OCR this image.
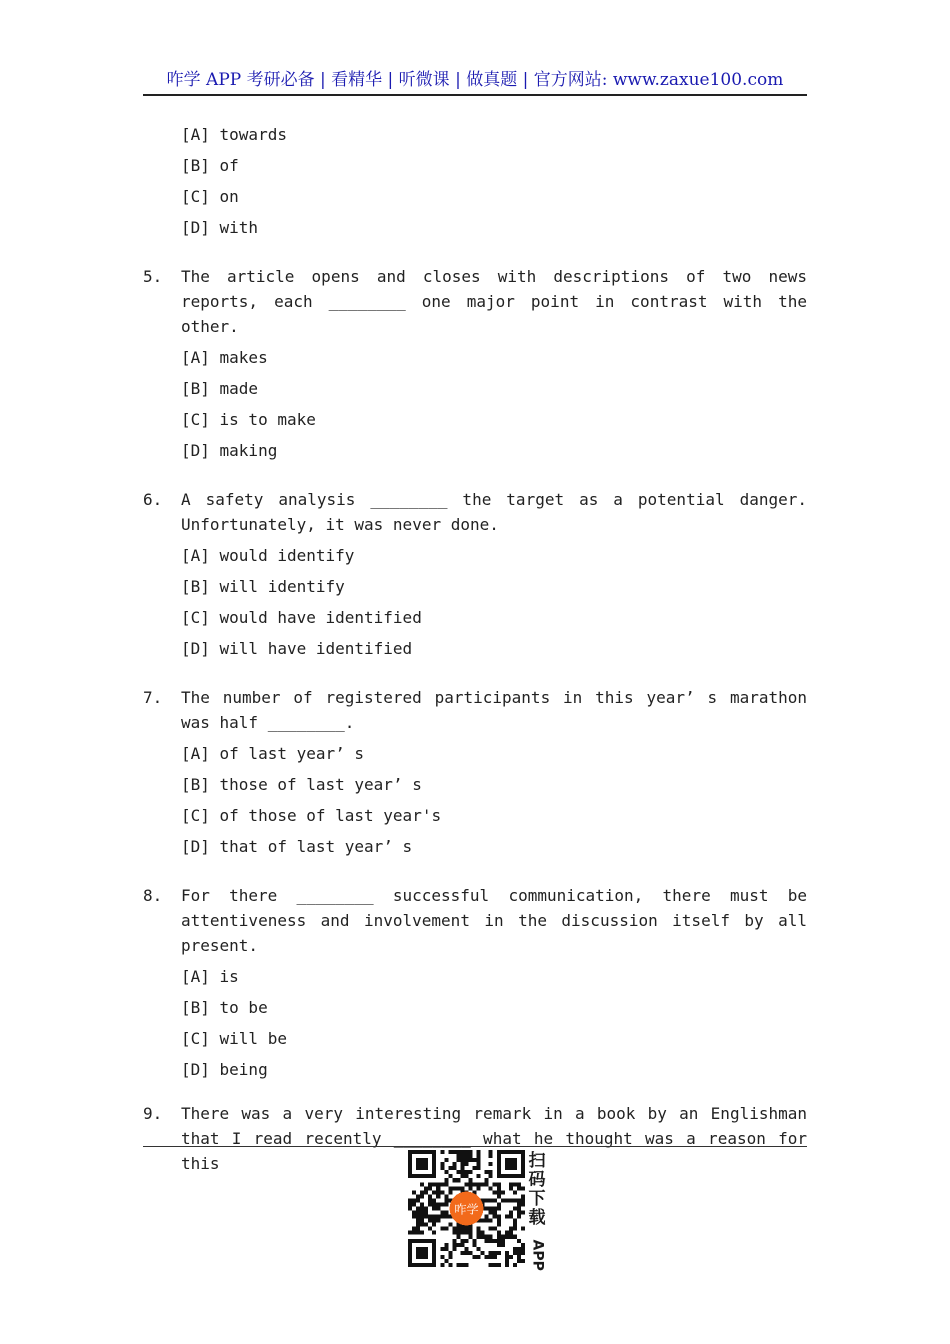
咋学 APP 考研必备 | 看精华 | 听微课 | 做真题 | 官方网站: www.zaxue100.com
[A] towards
[B] of
[C] on
[D] with
5. The article opens and closes with descriptions of two news reports, each ________ one major point in contrast with the other.
[A] makes
[B] made
[C] is to make
[D] making
6. A safety analysis ________ the target as a potential danger. Unfortunately, it was never done.
[A] would identify
[B] will identify
[C] would have identified
[D] will have identified
7. The number of registered participants in this year’ s marathon was half ________.
[A] of last year’ s
[B] those of last year’ s
[C] of those of last year's
[D] that of last year’ s
8. For there ________ successful communication, there must be attentiveness and involvement in the discussion itself by all present.
[A] is
[B] to be
[C] will be
[D] being
9. There was a very interesting remark in a book by an Englishman that I read recently ________ what he thought was a reason for this
咋学
扫
码
下
载
APP
